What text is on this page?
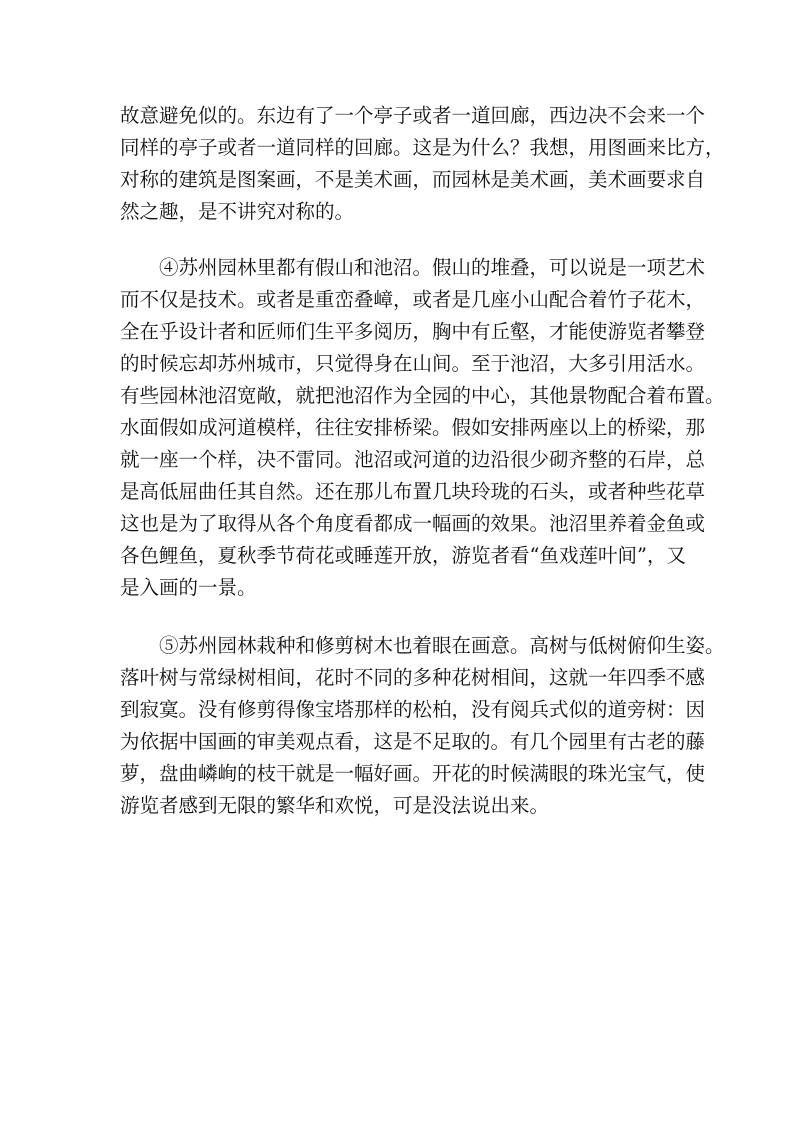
故意避免似的。东边有了一个亭子或者一道回廊，西边决不会来一个
同样的亭子或者一道同样的回廊。这是为什么？我想，用图画来比方，
对称的建筑是图案画，不是美术画，而园林是美术画，美术画要求自
然之趣，是不讲究对称的。

　　④苏州园林里都有假山和池沼。假山的堆叠，可以说是一项艺术
而不仅是技术。或者是重峦叠嶂，或者是几座小山配合着竹子花木，
全在乎设计者和匠师们生平多阅历，胸中有丘壑，才能使游览者攀登
的时候忘却苏州城市，只觉得身在山间。至于池沼，大多引用活水。
有些园林池沼宽敞，就把池沼作为全园的中心，其他景物配合着布置。
水面假如成河道模样，往往安排桥梁。假如安排两座以上的桥梁，那
就一座一个样，决不雷同。池沼或河道的边沿很少砌齐整的石岸，总
是高低屈曲任其自然。还在那儿布置几块玲珑的石头，或者种些花草
这也是为了取得从各个角度看都成一幅画的效果。池沼里养着金鱼或
各色鲤鱼，夏秋季节荷花或睡莲开放，游览者看“鱼戏莲叶间”，又
是入画的一景。

　　⑤苏州园林栽种和修剪树木也着眼在画意。高树与低树俯仰生姿。
落叶树与常绿树相间，花时不同的多种花树相间，这就一年四季不感
到寂寞。没有修剪得像宝塔那样的松柏，没有阅兵式似的道旁树：因
为依据中国画的审美观点看，这是不足取的。有几个园里有古老的藤
萝，盘曲嶙峋的枝干就是一幅好画。开花的时候满眼的珠光宝气，使
游览者感到无限的繁华和欢悦，可是没法说出来。
